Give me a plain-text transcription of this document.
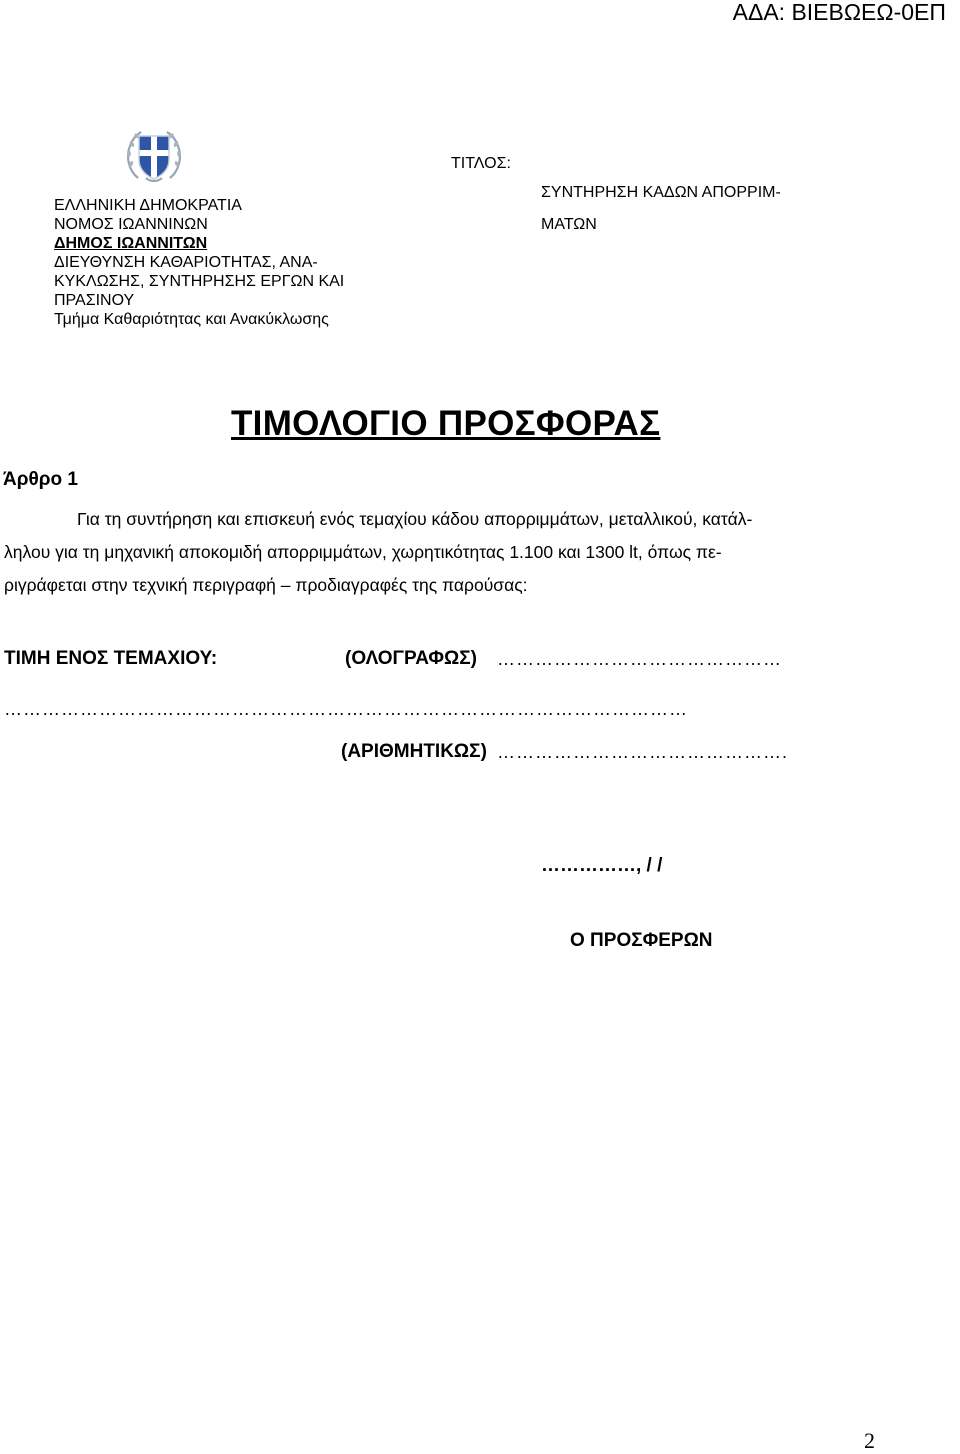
ΑΔΑ: ΒΙΕΒΩΕΩ-0ΕΠ
ΕΛΛΗΝΙΚΗ ΔΗΜΟΚΡΑΤΙΑ
ΝΟΜΟΣ ΙΩΑΝΝΙΝΩΝ
ΔΗΜΟΣ ΙΩΑΝΝΙΤΩΝ
ΔΙΕΥΘΥΝΣΗ ΚΑΘΑΡΙΟΤΗΤΑΣ, ΑΝΑ-
ΚΥΚΛΩΣΗΣ, ΣΥΝΤΗΡΗΣΗΣ ΕΡΓΩΝ ΚΑΙ
ΠΡΑΣΙΝΟΥ
Τμήμα Καθαριότητας και Ανακύκλωσης
ΤΙΤΛΟΣ:
ΣΥΝΤΗΡΗΣΗ ΚΑΔΩΝ ΑΠΟΡΡΙΜ-
ΜΑΤΩΝ
ΤΙΜΟΛΟΓΙΟ ΠΡΟΣΦΟΡΑΣ
Άρθρο 1
Για τη συντήρηση και επισκευή ενός τεμαχίου κάδου απορριμμάτων, μεταλλικού, κατάλ-
ληλου για τη μηχανική αποκομιδή απορριμμάτων, χωρητικότητας 1.100 και 1300 lt, όπως πε-
ριγράφεται στην τεχνική περιγραφή – προδιαγραφές της παρούσας:
ΤΙΜΗ ΕΝΟΣ ΤΕΜΑΧΙΟΥ:	(ΟΛΟΓΡΑΦΩΣ) ………………………………………
………………………………………………………………………………………………
(ΑΡΙΘΜΗΤΙΚΩΣ) ……………………………………….
……………, / /
Ο ΠΡΟΣΦΕΡΩΝ
2
